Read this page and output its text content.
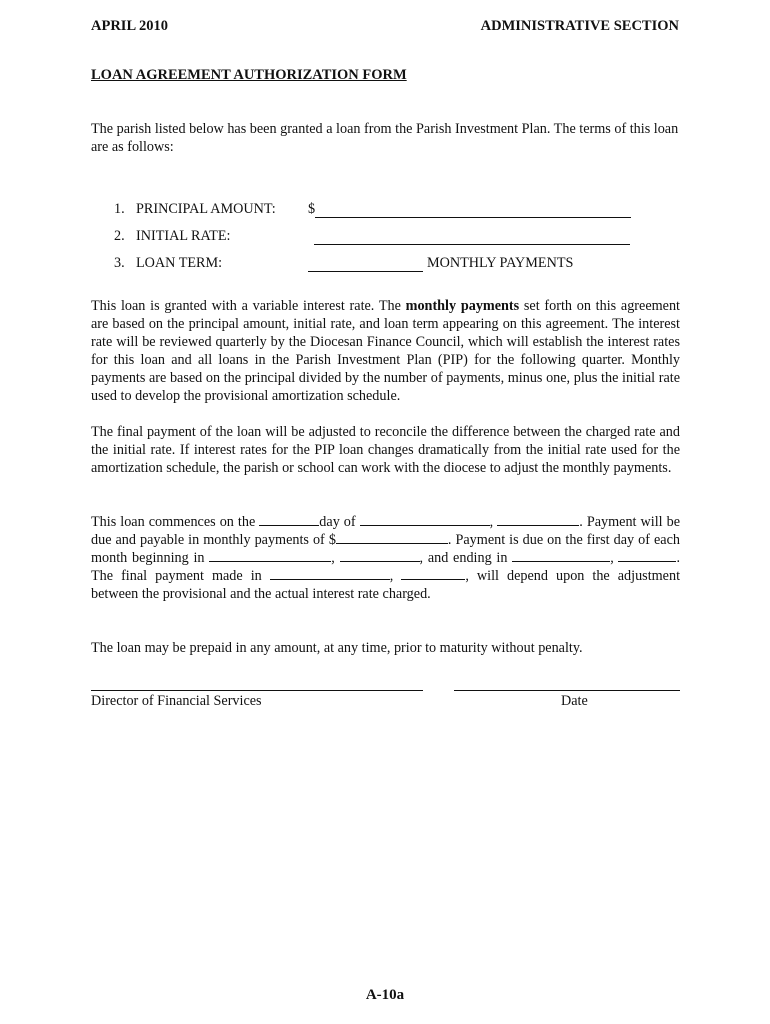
APRIL 2010	ADMINISTRATIVE SECTION
LOAN AGREEMENT AUTHORIZATION FORM
The parish listed below has been granted a loan from the Parish Investment Plan. The terms of this loan are as follows:
1. PRINCIPAL AMOUNT:	$
2. INITIAL RATE:
3. LOAN TERM:	MONTHLY PAYMENTS
This loan is granted with a variable interest rate. The monthly payments set forth on this agreement are based on the principal amount, initial rate, and loan term appearing on this agreement. The interest rate will be reviewed quarterly by the Diocesan Finance Council, which will establish the interest rates for this loan and all loans in the Parish Investment Plan (PIP) for the following quarter. Monthly payments are based on the principal divided by the number of payments, minus one, plus the initial rate used to develop the provisional amortization schedule.
The final payment of the loan will be adjusted to reconcile the difference between the charged rate and the initial rate. If interest rates for the PIP loan changes dramatically from the initial rate used for the amortization schedule, the parish or school can work with the diocese to adjust the monthly payments.
This loan commences on the	day of	,	. Payment will be due and payable in monthly payments of $	. Payment is due on the first day of each month beginning in	,	, and ending in	,	. The final payment made in	,	, will depend upon the adjustment between the provisional and the actual interest rate charged.
The loan may be prepaid in any amount, at any time, prior to maturity without penalty.
Director of Financial Services	Date
A-10a
